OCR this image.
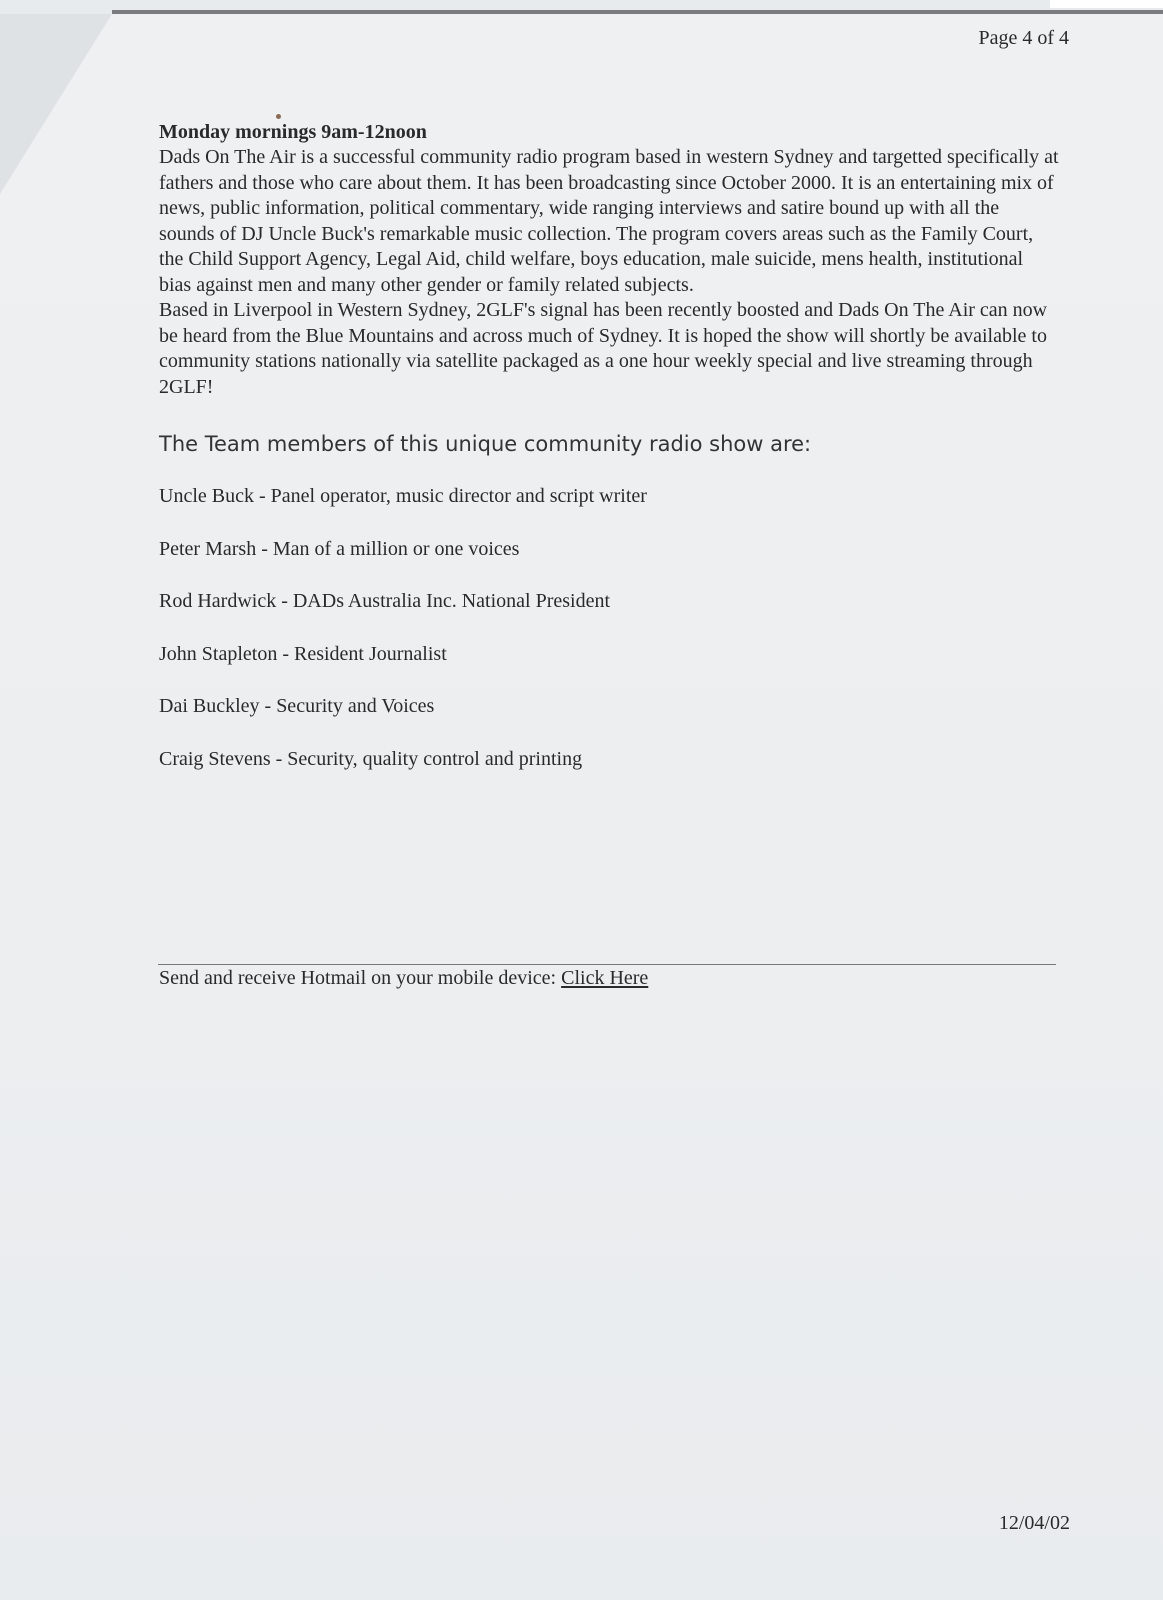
Page 4 of 4

Monday mornings 9am-12noon

Dads On The Air is a successful community radio program based in western Sydney and targetted specifically at fathers and those who care about them. It has been broadcasting since October 2000. It is an entertaining mix of news, public information, political commentary, wide ranging interviews and satire bound up with all the sounds of DJ Uncle Buck's remarkable music collection. The program covers areas such as the Family Court, the Child Support Agency, Legal Aid, child welfare, boys education, male suicide, mens health, institutional bias against men and many other gender or family related subjects.

Based in Liverpool in Western Sydney, 2GLF's signal has been recently boosted and Dads On The Air can now be heard from the Blue Mountains and across much of Sydney. It is hoped the show will shortly be available to community stations nationally via satellite packaged as a one hour weekly special and live streaming through 2GLF!

The Team members of this unique community radio show are:
Uncle Buck - Panel operator, music director and script writer
Peter Marsh - Man of a million or one voices
Rod Hardwick - DADs Australia Inc. National President
John Stapleton - Resident Journalist
Dai Buckley - Security and Voices
Craig Stevens - Security, quality control and printing
Send and receive Hotmail on your mobile device: Click Here
12/04/02
